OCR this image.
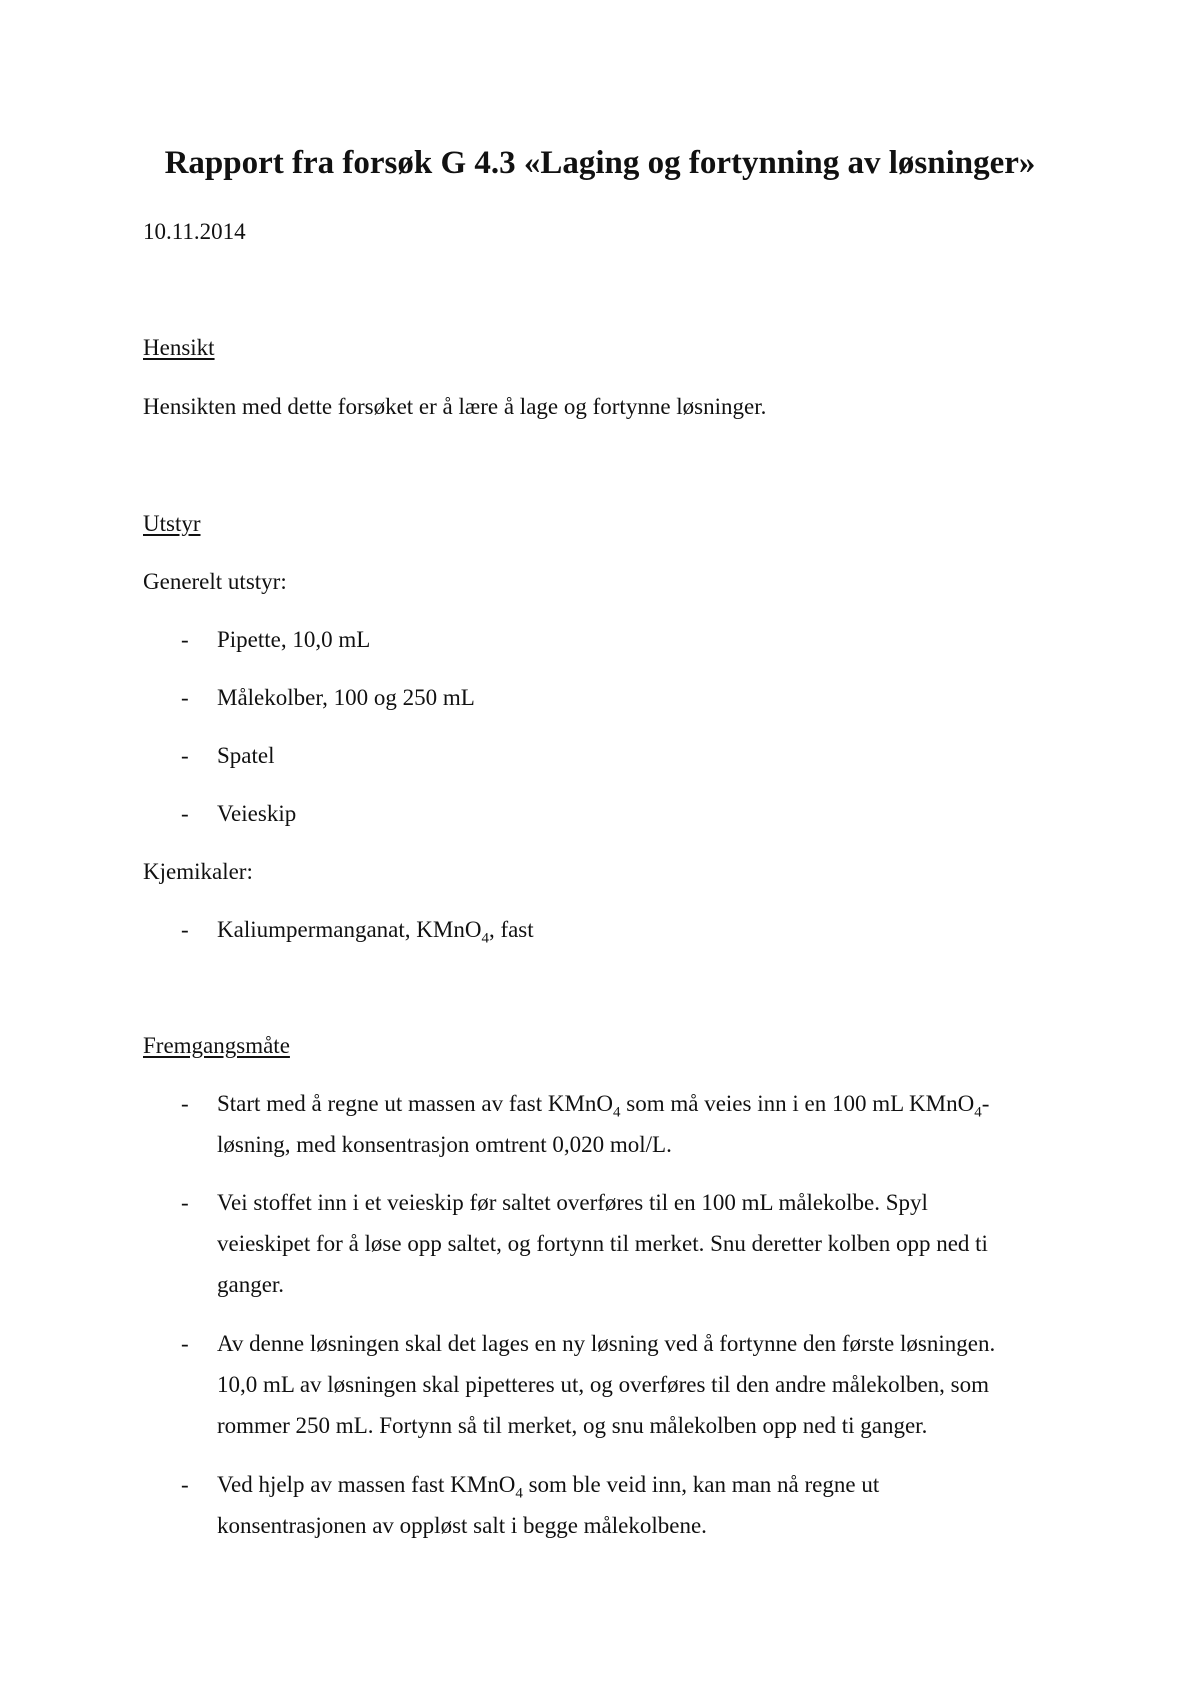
Rapport fra forsøk G 4.3 «Laging og fortynning av løsninger»
10.11.2014
Hensikt
Hensikten med dette forsøket er å lære å lage og fortynne løsninger.
Utstyr
Generelt utstyr:
- Pipette, 10,0 mL
- Målekolber, 100 og 250 mL
- Spatel
- Veieskip
Kjemikaler:
- Kaliumpermanganat, KMnO$_4$, fast
Fremgangsmåte
- Start med å regne ut massen av fast KMnO$_4$ som må veies inn i en 100 mL KMnO$_4$-
løsning, med konsentrasjon omtrent 0,020 mol/L.
- Vei stoffet inn i et veieskip før saltet overføres til en 100 mL målekolbe. Spyl
veieskipet for å løse opp saltet, og fortynn til merket. Snu deretter kolben opp ned ti
ganger.
- Av denne løsningen skal det lages en ny løsning ved å fortynne den første løsningen.
10,0 mL av løsningen skal pipetteres ut, og overføres til den andre målekolben, som
rommer 250 mL. Fortynn så til merket, og snu målekolben opp ned ti ganger.
- Ved hjelp av massen fast KMnO$_4$ som ble veid inn, kan man nå regne ut
konsentrasjonen av oppløst salt i begge målekolbene.
